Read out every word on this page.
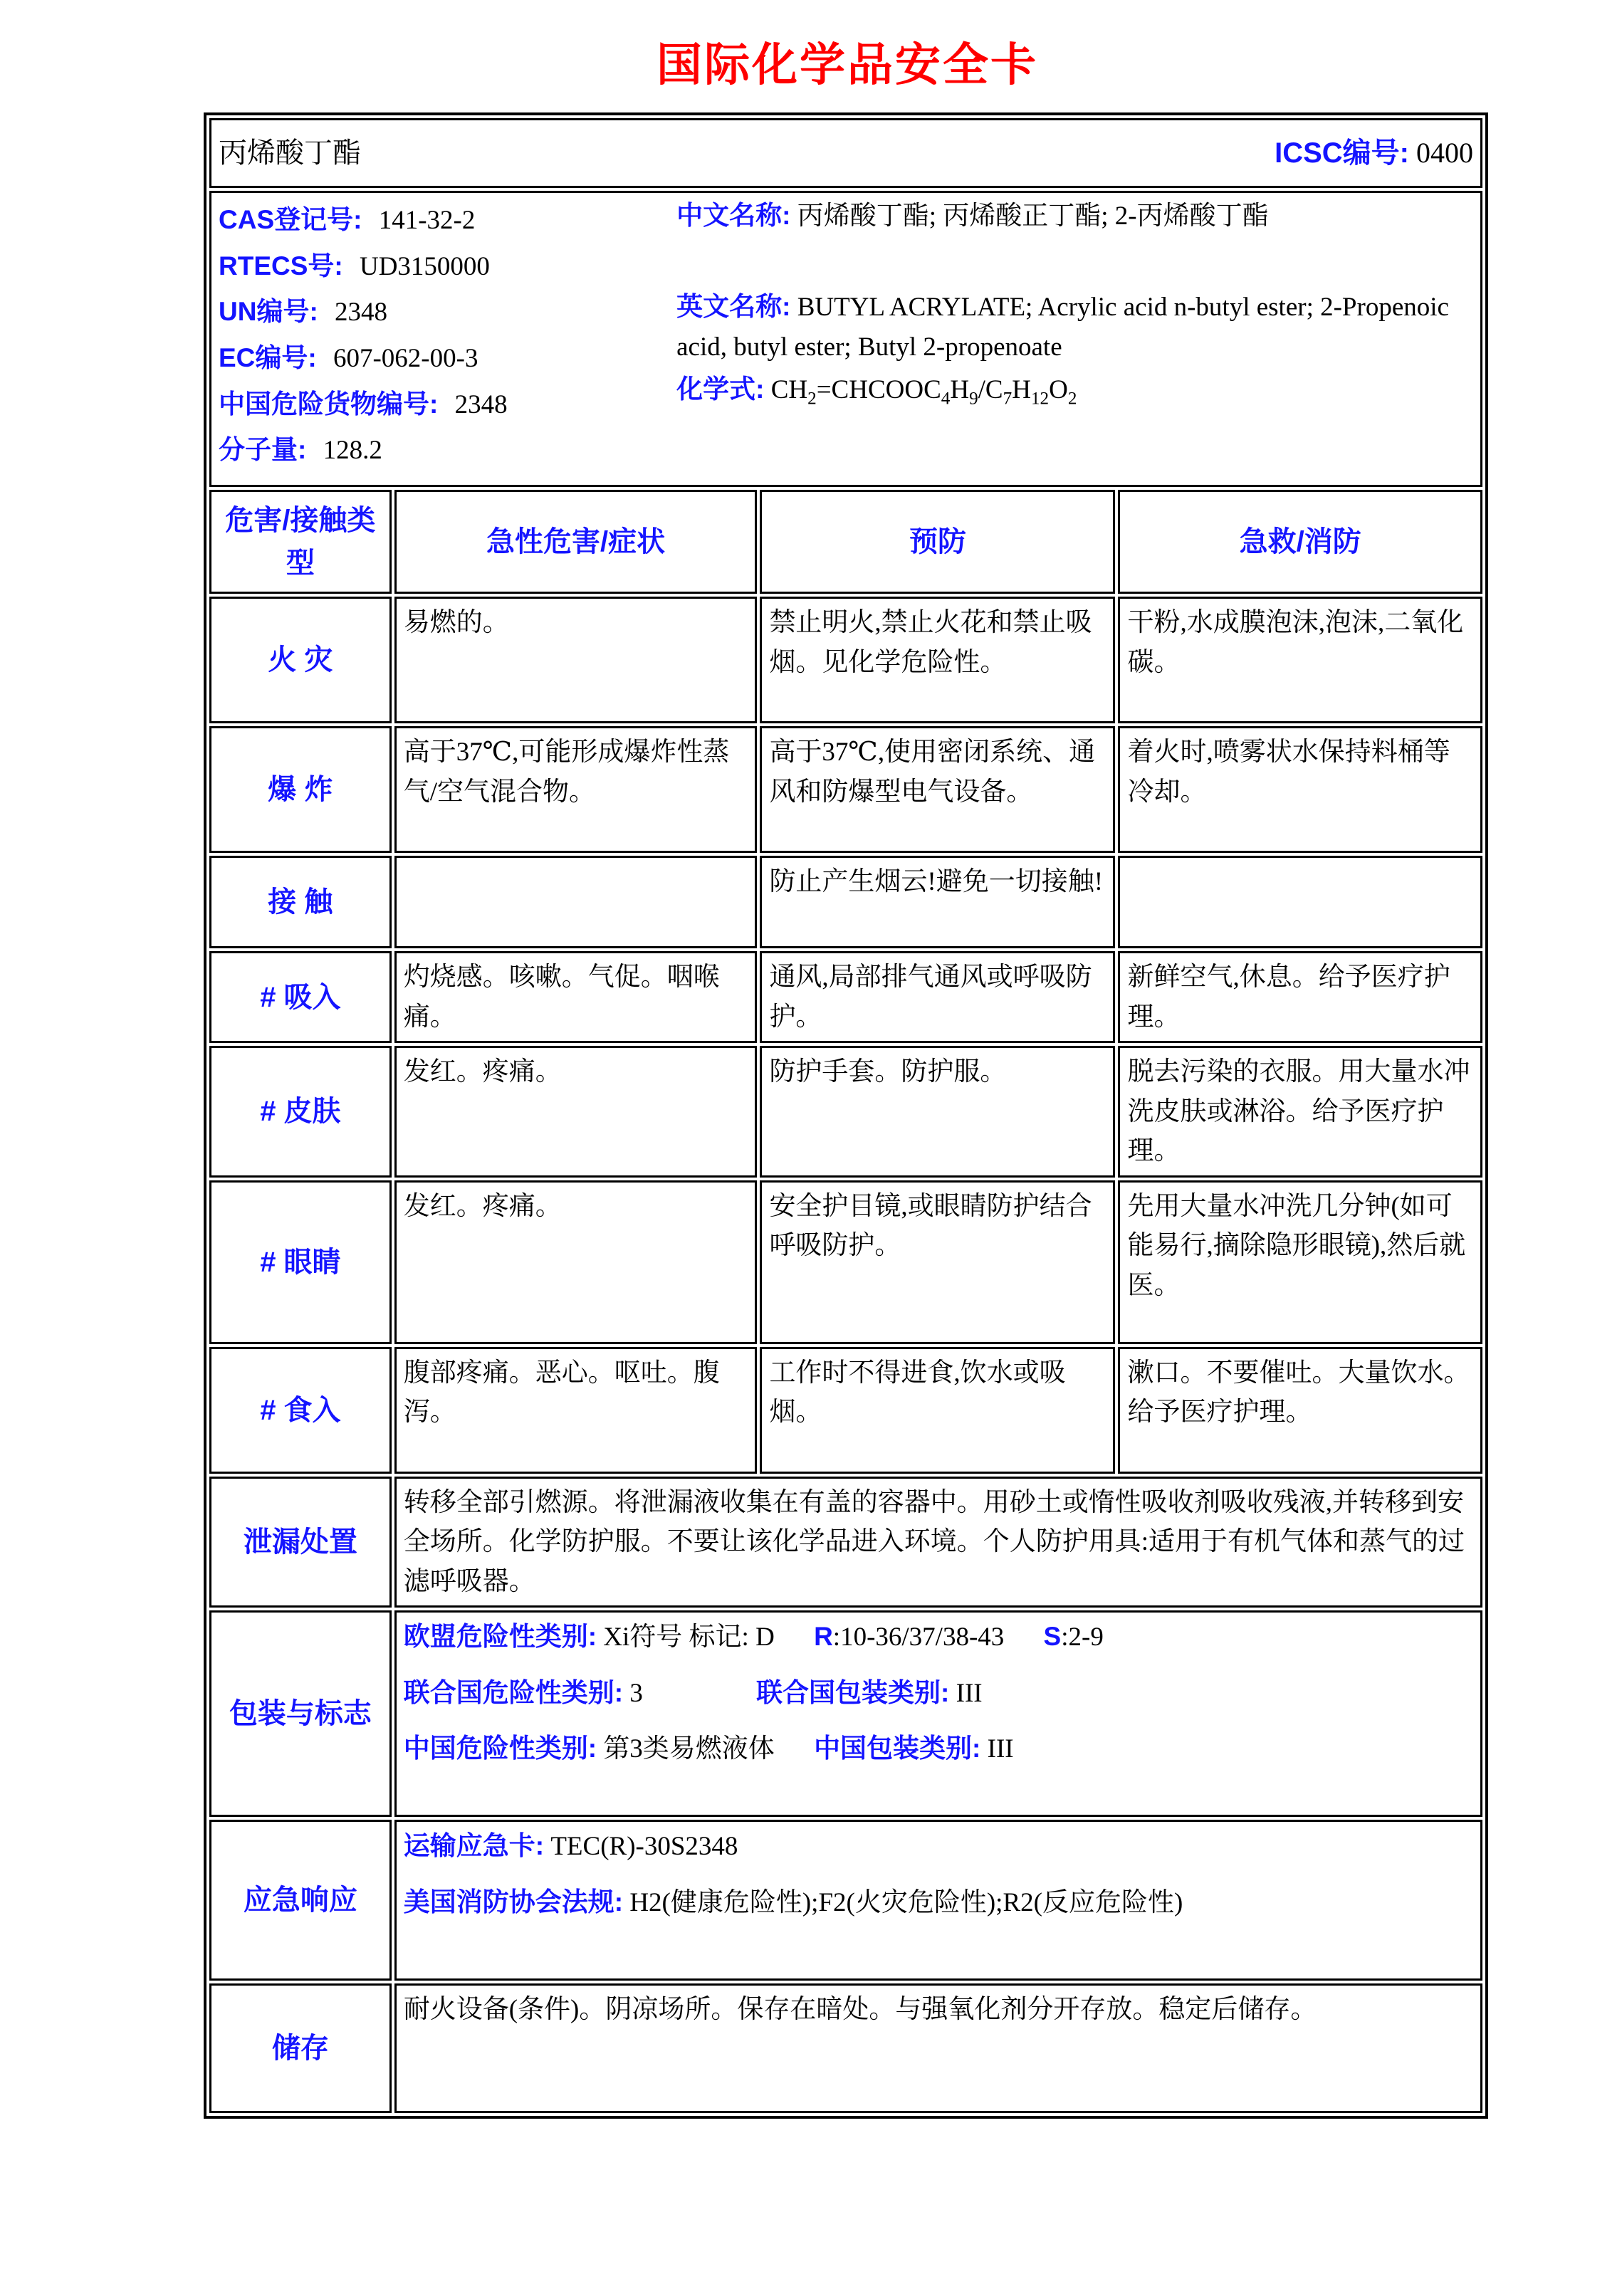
国际化学品安全卡
丙烯酸丁酯 ICSC编号: 0400			

CAS登记号: 141-32-2
RTECS号: UD3150000
UN编号: 2348
EC编号: 607-062-00-3
中国危险货物编号: 2348
分子量: 128.2
中文名称: 丙烯酸丁酯; 丙烯酸正丁酯; 2-丙烯酸丁酯
英文名称: BUTYL ACRYLATE; Acrylic acid n-butyl ester; 2-Propenoic acid, butyl ester; Butyl 2-propenoate
化学式: $CH_2=CHCOOC_4H_9/C_7H_{12}O_2$

危害/接触类型	急性危害/症状	预防	急救/消防
火 灾	易燃的。	禁止明火,禁止火花和禁止吸烟。见化学危险性。	干粉,水成膜泡沫,泡沫,二氧化碳。
爆 炸	高于37℃,可能形成爆炸性蒸气/空气混合物。	高于37℃,使用密闭系统、通风和防爆型电气设备。	着火时,喷雾状水保持料桶等冷却。
接 触		防止产生烟云!避免一切接触!	
# 吸入	灼烧感。咳嗽。气促。咽喉痛。	通风,局部排气通风或呼吸防护。	新鲜空气,休息。给予医疗护理。
# 皮肤	发红。疼痛。	防护手套。防护服。	脱去污染的衣服。用大量水冲洗皮肤或淋浴。给予医疗护理。
# 眼睛	发红。疼痛。	安全护目镜,或眼睛防护结合呼吸防护。	先用大量水冲洗几分钟(如可能易行,摘除隐形眼镜),然后就医。
# 食入	腹部疼痛。恶心。呕吐。腹泻。	工作时不得进食,饮水或吸烟。	漱口。不要催吐。大量饮水。给予医疗护理。
泄漏处置	转移全部引燃源。将泄漏液收集在有盖的容器中。用砂土或惰性吸收剂吸收残液,并转移到安全场所。化学防护服。不要让该化学品进入环境。个人防护用具:适用于有机气体和蒸气的过滤呼吸器。		
包装与标志	欧盟危险性类别: Xi符号 标记: D R:10-36/37/38-43 S:2-9
联合国危险性类别: 3 联合国包装类别: III
中国危险性类别: 第3类易燃液体 中国包装类别: III		

应急响应	运输应急卡: TEC(R)-30S2348
美国消防协会法规: H2(健康危险性);F2(火灾危险性);R2(反应危险性)		

储存	耐火设备(条件)。阴凉场所。保存在暗处。与强氧化剂分开存放。稳定后储存。		
